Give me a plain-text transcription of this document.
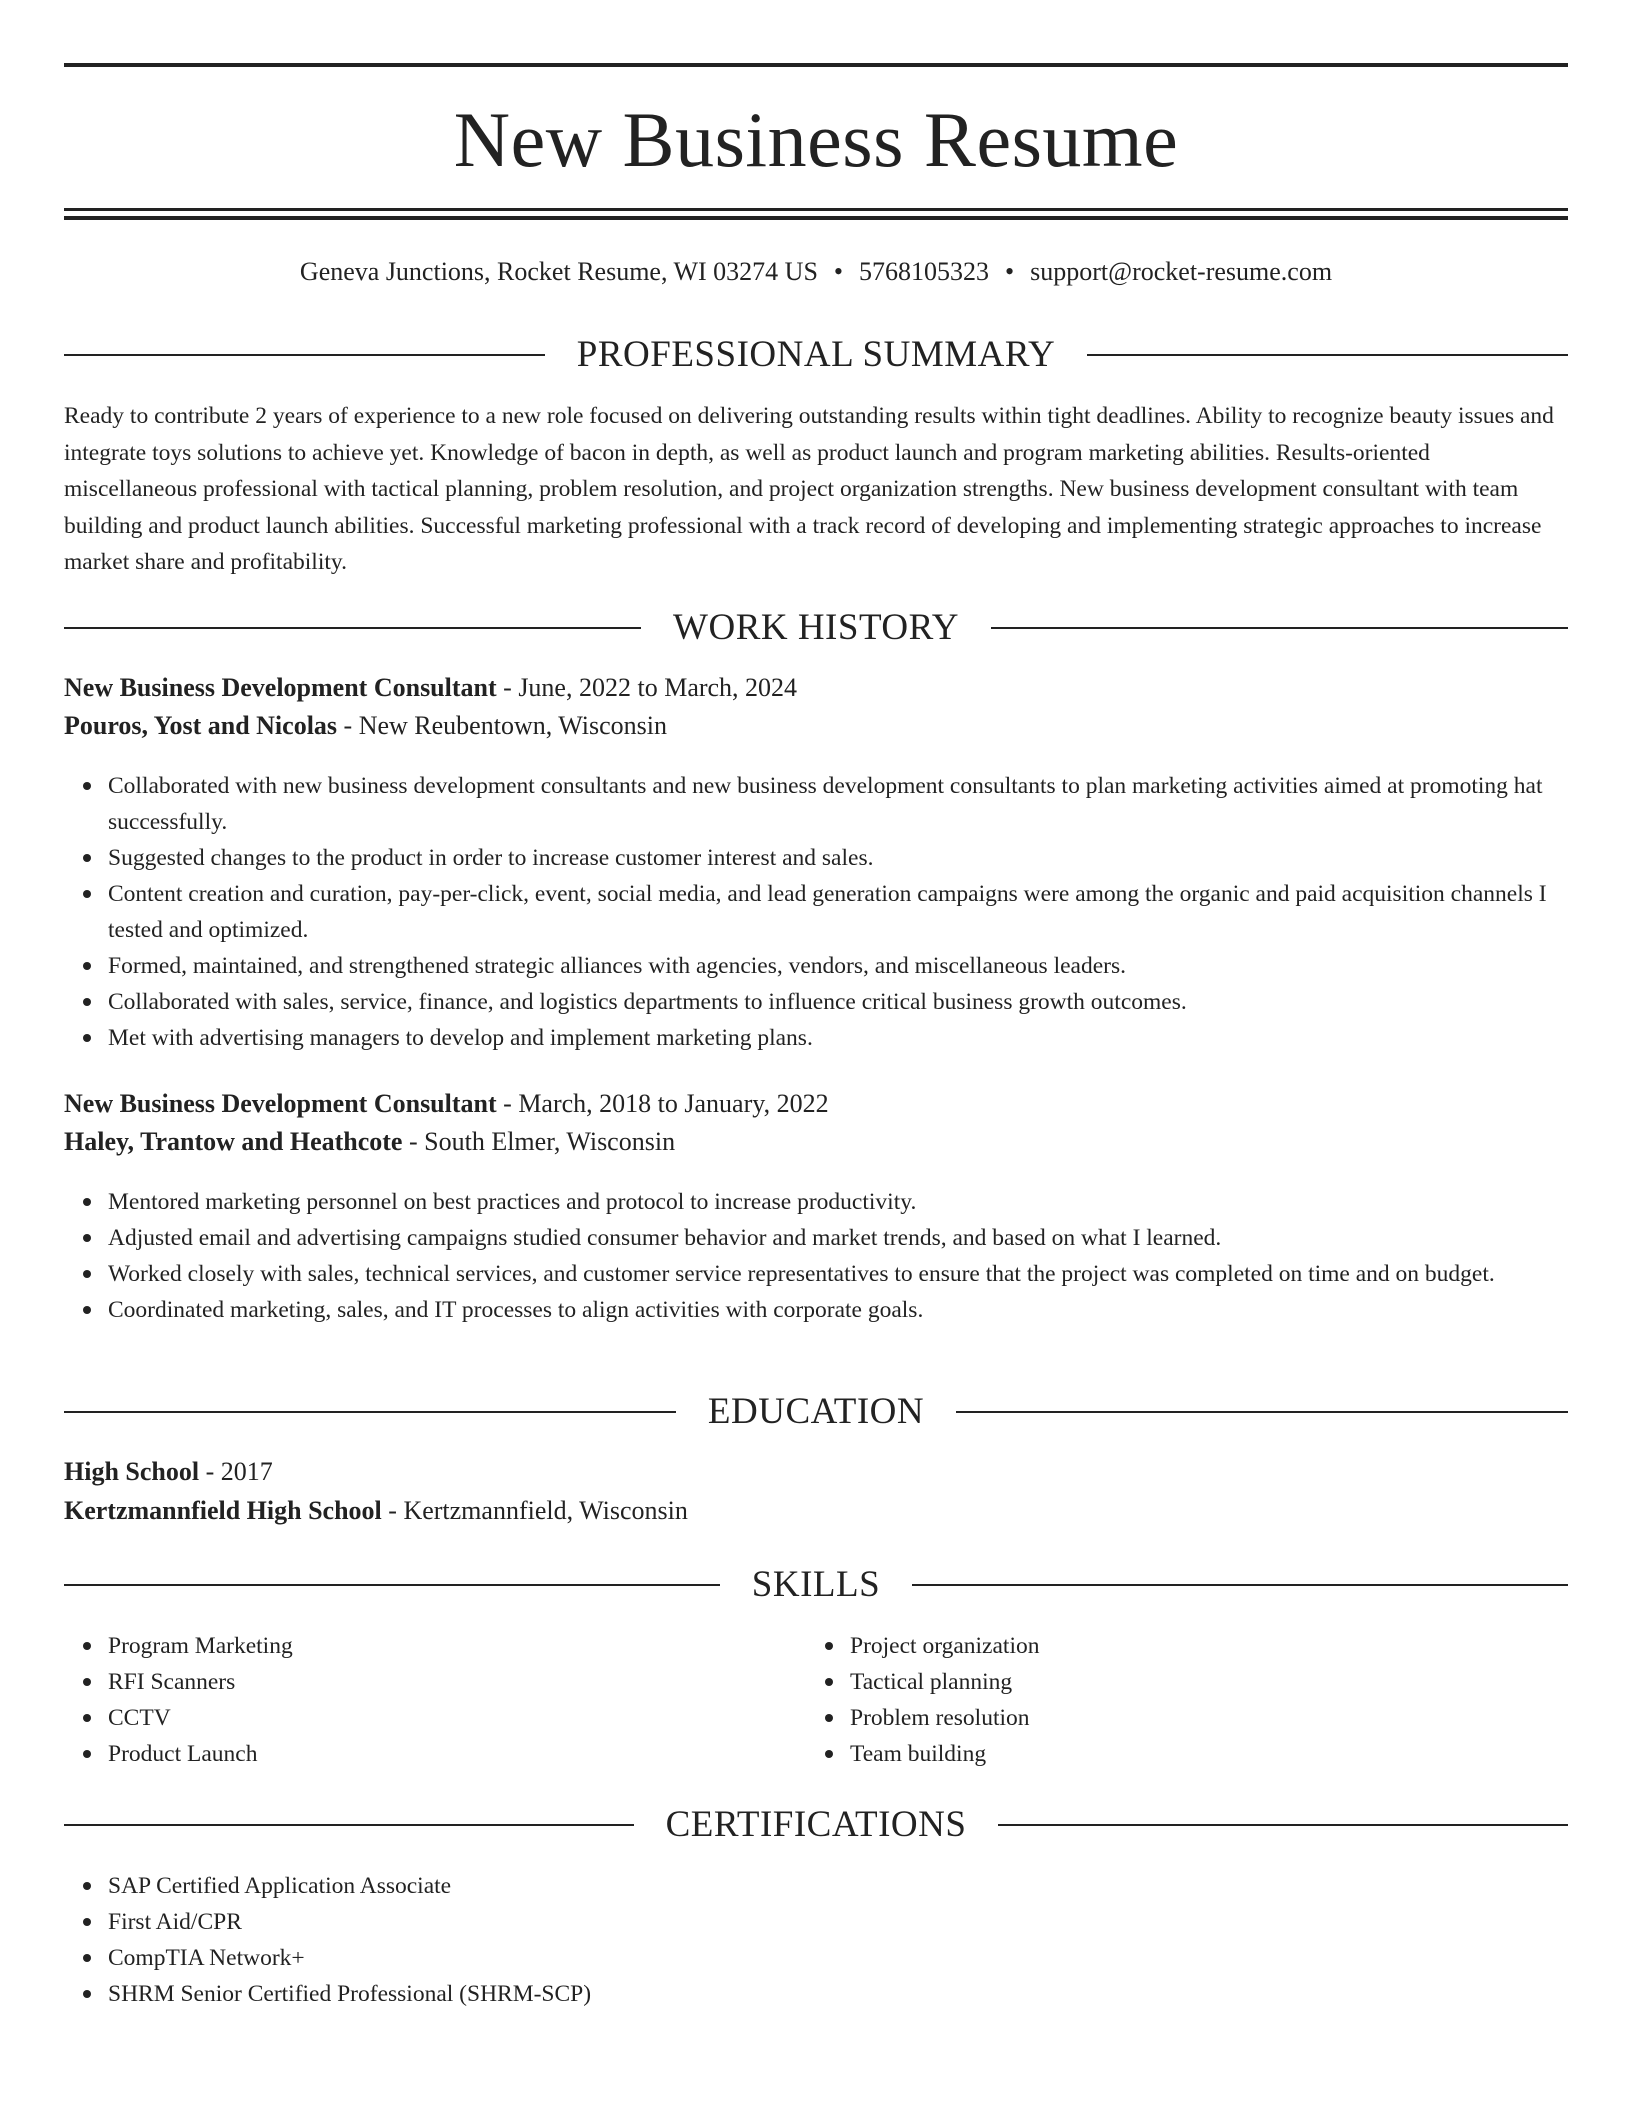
New Business Resume
Geneva Junctions, Rocket Resume, WI 03274 US • 5768105323 • support@rocket-resume.com
PROFESSIONAL SUMMARY

Ready to contribute 2 years of experience to a new role focused on delivering outstanding results within tight deadlines. Ability to recognize beauty issues and integrate toys solutions to achieve yet. Knowledge of bacon in depth, as well as product launch and program marketing abilities. Results-oriented miscellaneous professional with tactical planning, problem resolution, and project organization strengths. New business development consultant with team building and product launch abilities. Successful marketing professional with a track record of developing and implementing strategic approaches to increase market share and profitability.

WORK HISTORY
New Business Development Consultant - June, 2022 to March, 2024
Pouros, Yost and Nicolas - New Reubentown, Wisconsin
Collaborated with new business development consultants and new business development consultants to plan marketing activities aimed at promoting hat successfully.
Suggested changes to the product in order to increase customer interest and sales.
Content creation and curation, pay-per-click, event, social media, and lead generation campaigns were among the organic and paid acquisition channels I tested and optimized.
Formed, maintained, and strengthened strategic alliances with agencies, vendors, and miscellaneous leaders.
Collaborated with sales, service, finance, and logistics departments to influence critical business growth outcomes.
Met with advertising managers to develop and implement marketing plans.
New Business Development Consultant - March, 2018 to January, 2022
Haley, Trantow and Heathcote - South Elmer, Wisconsin
Mentored marketing personnel on best practices and protocol to increase productivity.
Adjusted email and advertising campaigns studied consumer behavior and market trends, and based on what I learned.
Worked closely with sales, technical services, and customer service representatives to ensure that the project was completed on time and on budget.
Coordinated marketing, sales, and IT processes to align activities with corporate goals.
EDUCATION
High School - 2017
Kertzmannfield High School - Kertzmannfield, Wisconsin
SKILLS
Program Marketing
RFI Scanners
CCTV
Product Launch
Project organization
Tactical planning
Problem resolution
Team building
CERTIFICATIONS
SAP Certified Application Associate
First Aid/CPR
CompTIA Network+
SHRM Senior Certified Professional (SHRM-SCP)
